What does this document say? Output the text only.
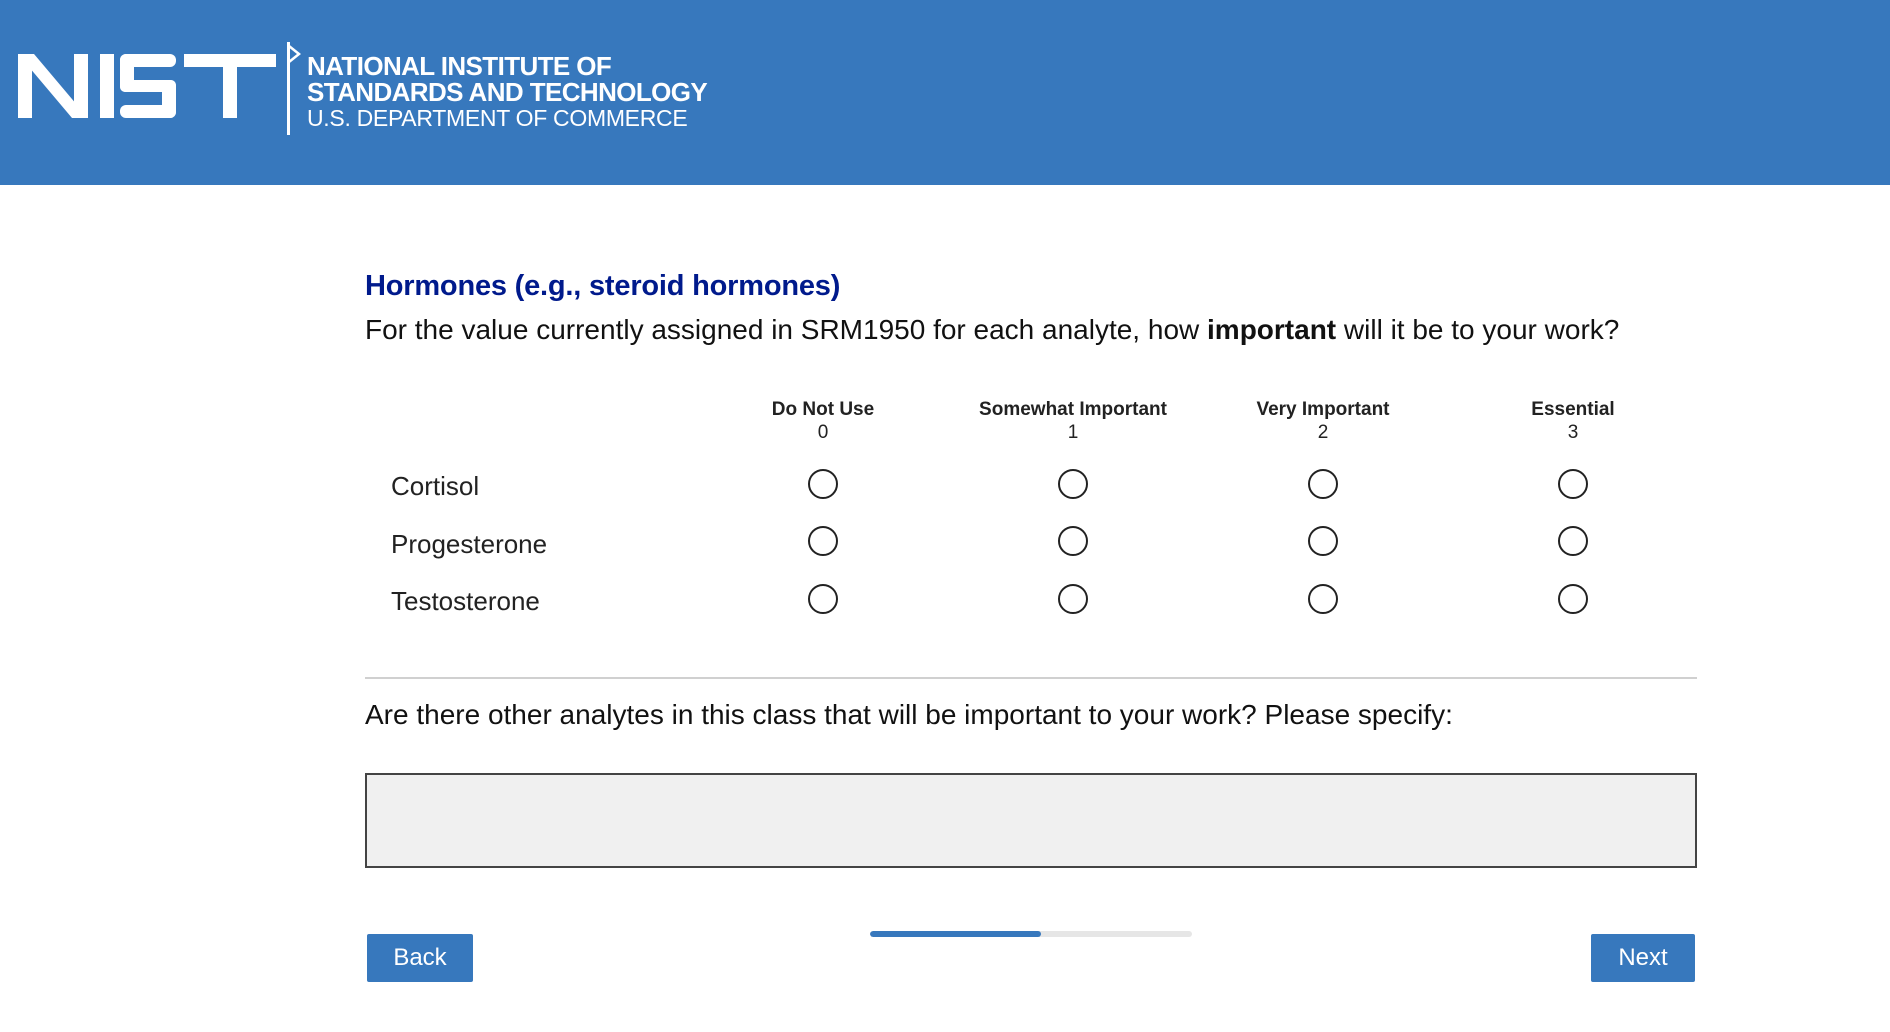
NATIONAL INSTITUTE OF
STANDARDS AND TECHNOLOGY
U.S. DEPARTMENT OF COMMERCE
Hormones (e.g., steroid hormones)
For the value currently assigned in SRM1950 for each analyte, how important will it be to your work?
Do Not Use
0
Somewhat Important
1
Very Important
2
Essential
3
Cortisol
Progesterone
Testosterone
Are there other analytes in this class that will be important to your work? Please specify:
Back	Next
